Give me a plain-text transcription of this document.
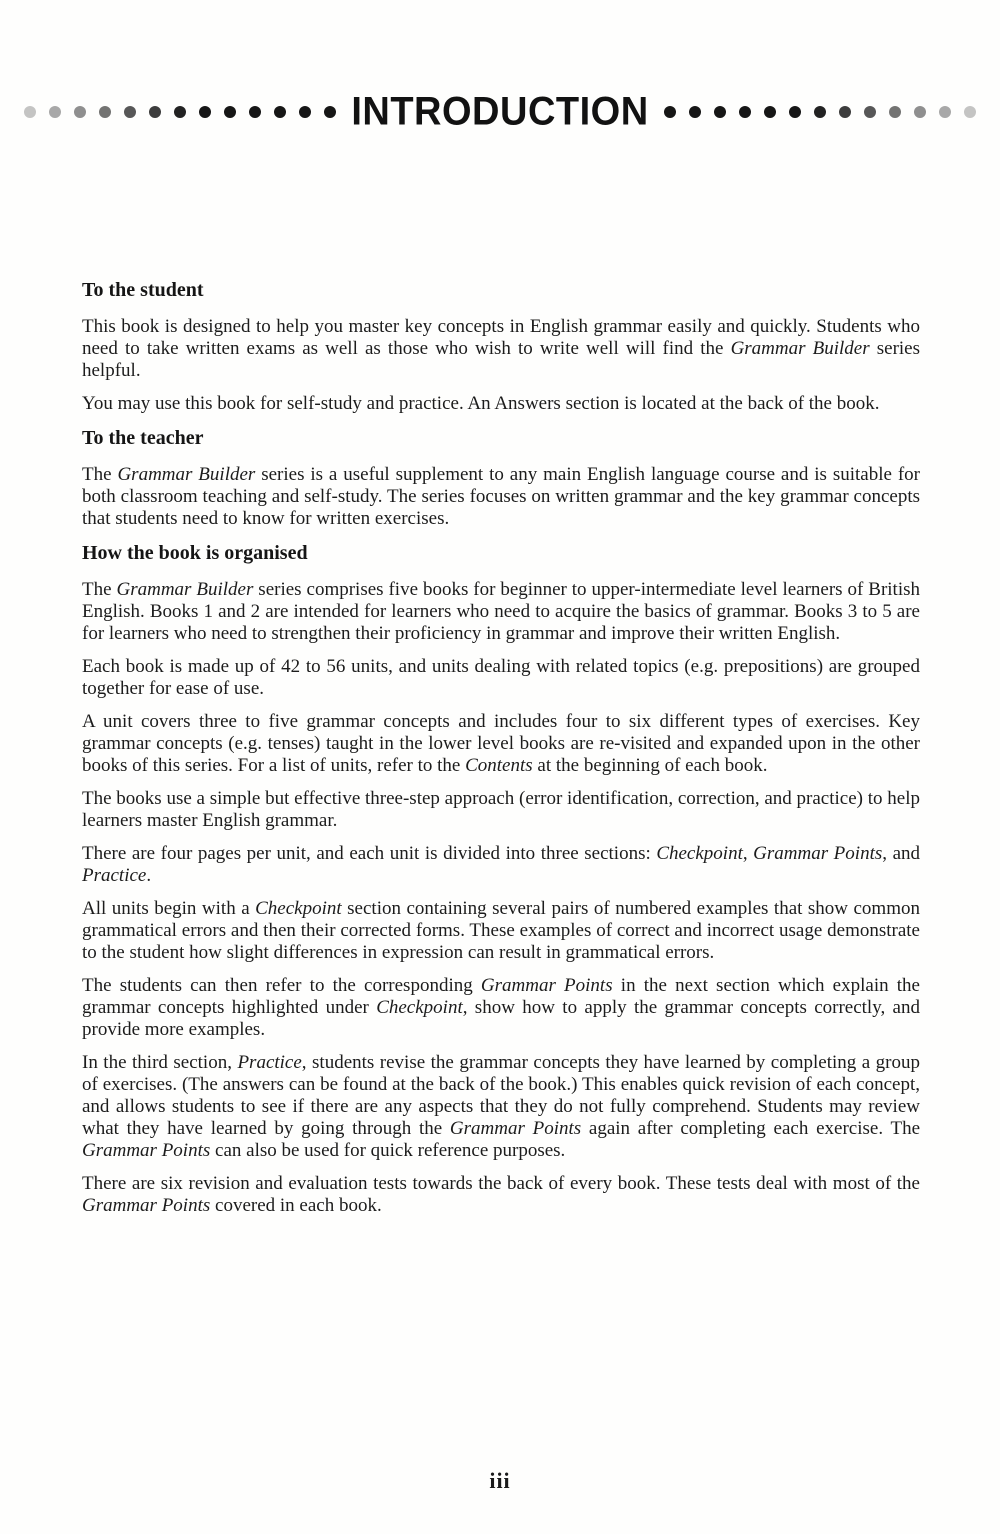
INTRODUCTION
To the student

This book is designed to help you master key concepts in English grammar easily and quickly. Students who need to take written exams as well as those who wish to write well will find the Grammar Builder series helpful.

You may use this book for self-study and practice. An Answers section is located at the back of the book.

To the teacher

The Grammar Builder series is a useful supplement to any main English language course and is suitable for both classroom teaching and self-study. The series focuses on written grammar and the key grammar concepts that students need to know for written exercises.

How the book is organised

The Grammar Builder series comprises five books for beginner to upper-intermediate level learners of British English. Books 1 and 2 are intended for learners who need to acquire the basics of grammar. Books 3 to 5 are for learners who need to strengthen their proficiency in grammar and improve their written English.

Each book is made up of 42 to 56 units, and units dealing with related topics (e.g. prepositions) are grouped together for ease of use.

A unit covers three to five grammar concepts and includes four to six different types of exercises. Key grammar concepts (e.g. tenses) taught in the lower level books are re-visited and expanded upon in the other books of this series. For a list of units, refer to the Contents at the beginning of each book.

The books use a simple but effective three-step approach (error identification, correction, and practice) to help learners master English grammar.

There are four pages per unit, and each unit is divided into three sections: Checkpoint, Grammar Points, and Practice.

All units begin with a Checkpoint section containing several pairs of numbered examples that show common grammatical errors and then their corrected forms. These examples of correct and incorrect usage demonstrate to the student how slight differences in expression can result in grammatical errors.

The students can then refer to the corresponding Grammar Points in the next section which explain the grammar concepts highlighted under Checkpoint, show how to apply the grammar concepts correctly, and provide more examples.

In the third section, Practice, students revise the grammar concepts they have learned by completing a group of exercises. (The answers can be found at the back of the book.) This enables quick revision of each concept, and allows students to see if there are any aspects that they do not fully comprehend. Students may review what they have learned by going through the Grammar Points again after completing each exercise. The Grammar Points can also be used for quick reference purposes.

There are six revision and evaluation tests towards the back of every book. These tests deal with most of the Grammar Points covered in each book.

iii
